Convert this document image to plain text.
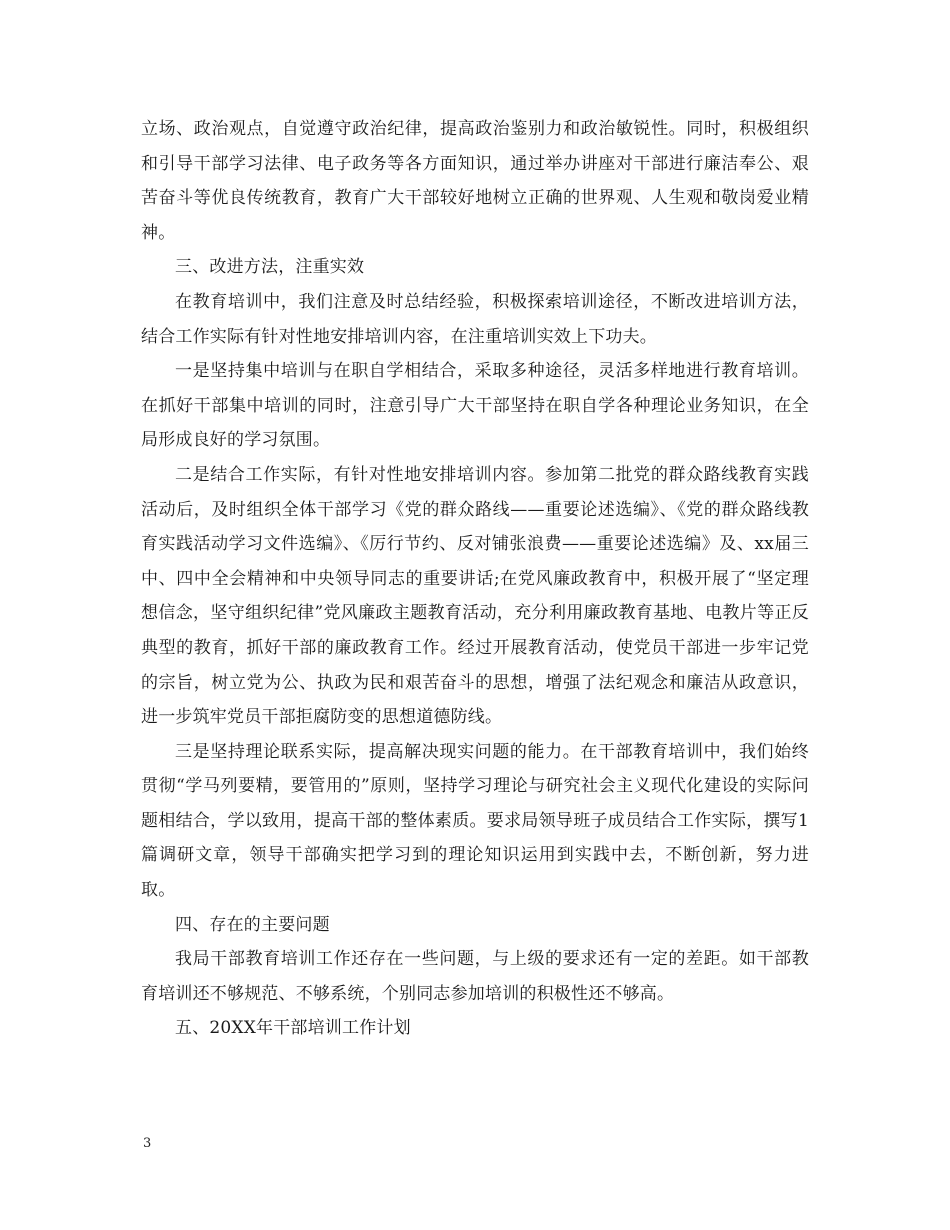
立场、政治观点，自觉遵守政治纪律，提高政治鉴别力和政治敏锐性。同时，积极组织和引导干部学习法律、电子政务等各方面知识，通过举办讲座对干部进行廉洁奉公、艰苦奋斗等优良传统教育，教育广大干部较好地树立正确的世界观、人生观和敬岗爱业精神。

三、改进方法，注重实效

在教育培训中，我们注意及时总结经验，积极探索培训途径，不断改进培训方法，结合工作实际有针对性地安排培训内容，在注重培训实效上下功夫。

一是坚持集中培训与在职自学相结合，采取多种途径，灵活多样地进行教育培训。在抓好干部集中培训的同时，注意引导广大干部坚持在职自学各种理论业务知识，在全局形成良好的学习氛围。

二是结合工作实际，有针对性地安排培训内容。参加第二批党的群众路线教育实践活动后，及时组织全体干部学习《党的群众路线——重要论述选编》、《党的群众路线教育实践活动学习文件选编》、《厉行节约、反对铺张浪费——重要论述选编》及、xx届三中、四中全会精神和中央领导同志的重要讲话;在党风廉政教育中，积极开展了“坚定理想信念，坚守组织纪律”党风廉政主题教育活动，充分利用廉政教育基地、电教片等正反典型的教育，抓好干部的廉政教育工作。经过开展教育活动，使党员干部进一步牢记党的宗旨，树立党为公、执政为民和艰苦奋斗的思想，增强了法纪观念和廉洁从政意识，进一步筑牢党员干部拒腐防变的思想道德防线。

三是坚持理论联系实际，提高解决现实问题的能力。在干部教育培训中，我们始终贯彻“学马列要精，要管用的”原则，坚持学习理论与研究社会主义现代化建设的实际问题相结合，学以致用，提高干部的整体素质。要求局领导班子成员结合工作实际，撰写1篇调研文章，领导干部确实把学习到的理论知识运用到实践中去，不断创新，努力进取。

四、存在的主要问题

我局干部教育培训工作还存在一些问题，与上级的要求还有一定的差距。如干部教育培训还不够规范、不够系统，个别同志参加培训的积极性还不够高。

五、20XX年干部培训工作计划

3
